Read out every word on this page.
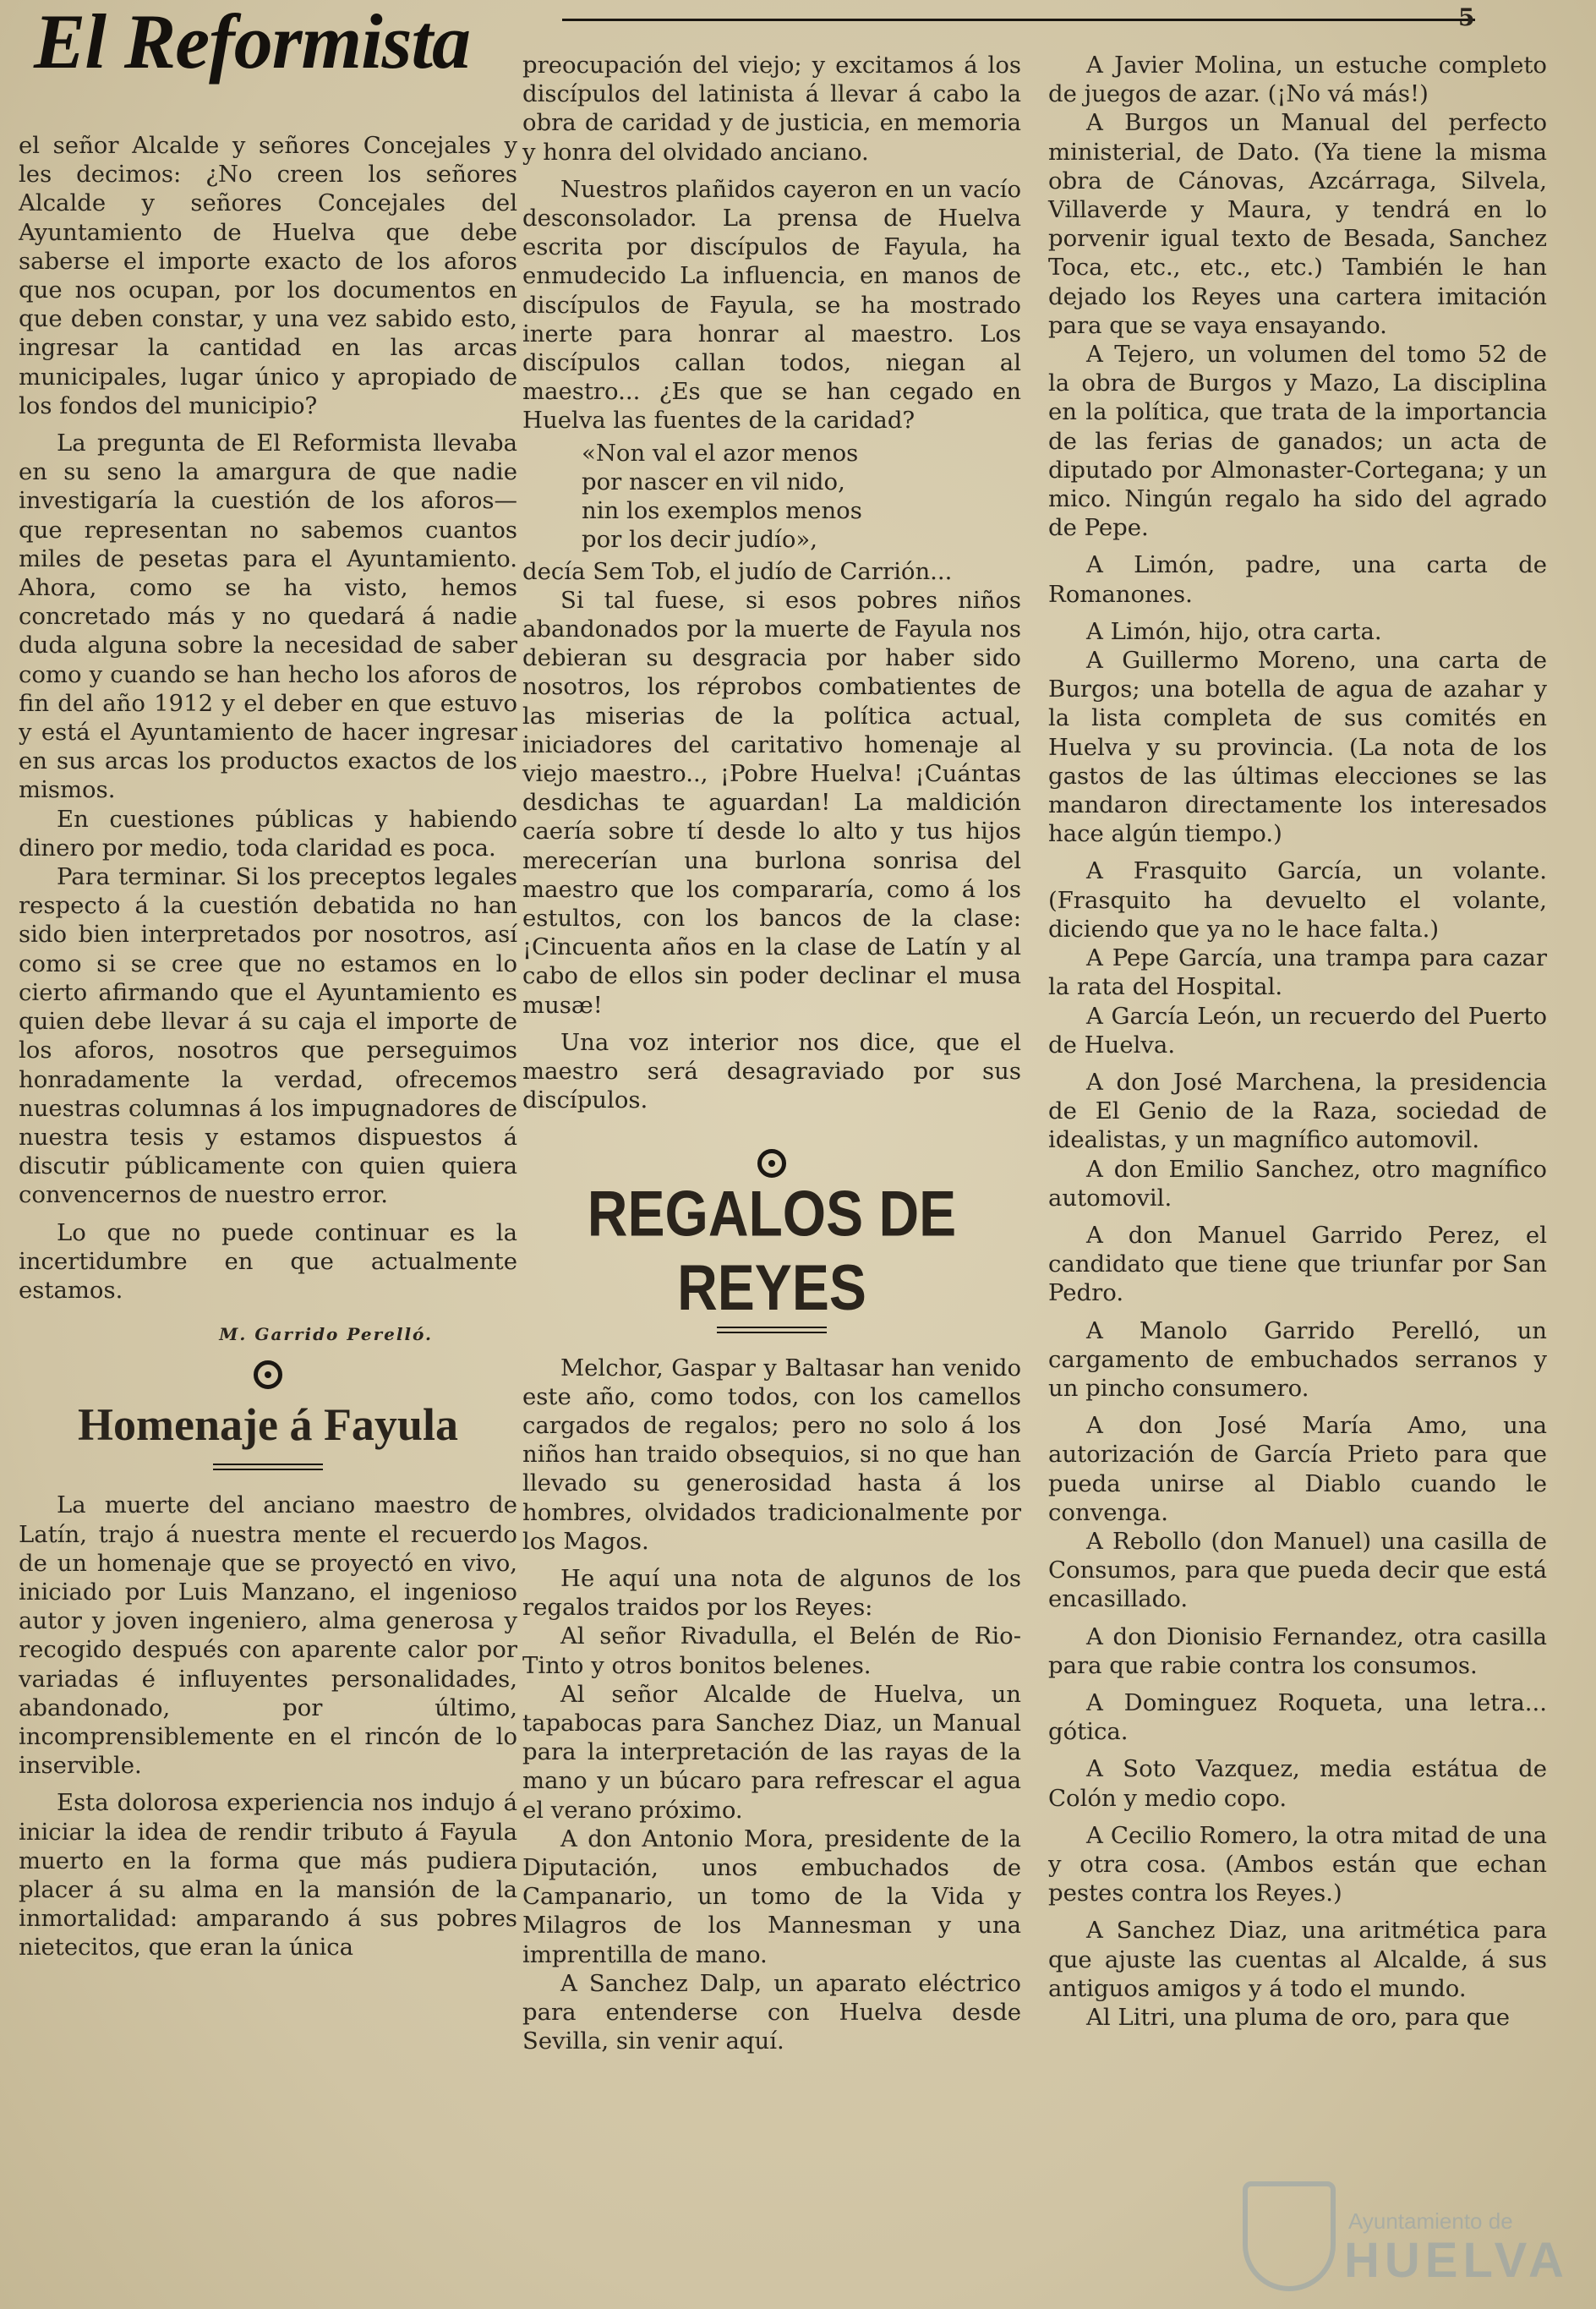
El Reformista	5

el señor Alcalde y señores Concejales y les decimos: ¿No creen los señores Alcalde y señores Concejales del Ayuntamiento de Huelva que debe saberse el importe exacto de los aforos que nos ocupan, por los documentos en que deben constar, y una vez sabido esto, ingresar la cantidad en las arcas municipales, lugar único y apropiado de los fondos del municipio?

La pregunta de El Reformista llevaba en su seno la amargura de que nadie investigaría la cuestión de los aforos—que representan no sabemos cuantos miles de pesetas para el Ayuntamiento. Ahora, como se ha visto, hemos concretado más y no quedará á nadie duda alguna sobre la necesidad de saber como y cuando se han hecho los aforos de fin del año 1912 y el deber en que estuvo y está el Ayuntamiento de hacer ingresar en sus arcas los productos exactos de los mismos.

En cuestiones públicas y habiendo dinero por medio, toda claridad es poca.

Para terminar. Si los preceptos legales respecto á la cuestión debatida no han sido bien interpretados por nosotros, así como si se cree que no estamos en lo cierto afirmando que el Ayuntamiento es quien debe llevar á su caja el importe de los aforos, nosotros que perseguimos honradamente la verdad, ofrecemos nuestras columnas á los impugnadores de nuestra tesis y estamos dispuestos á discutir públicamente con quien quiera convencernos de nuestro error.

Lo que no puede continuar es la incertidumbre en que actualmente estamos.

M. Garrido Perelló.
Homenaje á Fayula

La muerte del anciano maestro de Latín, trajo á nuestra mente el recuerdo de un homenaje que se proyectó en vivo, iniciado por Luis Manzano, el ingenioso autor y joven ingeniero, alma generosa y recogido después con aparente calor por variadas é influyentes personalidades, abandonado, por último, incomprensiblemente en el rincón de lo inservible.

Esta dolorosa experiencia nos indujo á iniciar la idea de rendir tributo á Fayula muerto en la forma que más pudiera placer á su alma en la mansión de la inmortalidad: amparando á sus pobres nietecitos, que eran la única

preocupación del viejo; y excitamos á los discípulos del latinista á llevar á cabo la obra de caridad y de justicia, en memoria y honra del olvidado anciano.

Nuestros plañidos cayeron en un vacío desconsolador. La prensa de Huelva escrita por discípulos de Fayula, ha enmudecido La influencia, en manos de discípulos de Fayula, se ha mostrado inerte para honrar al maestro. Los discípulos callan todos, niegan al maestro... ¿Es que se han cegado en Huelva las fuentes de la caridad?

«Non val el azor menos
por nascer en vil nido,
nin los exemplos menos
por los decir judío»,

decía Sem Tob, el judío de Carrión...

Si tal fuese, si esos pobres niños abandonados por la muerte de Fayula nos debieran su desgracia por haber sido nosotros, los réprobos combatientes de las miserias de la política actual, iniciadores del caritativo homenaje al viejo maestro.., ¡Pobre Huelva! ¡Cuántas desdichas te aguardan! La maldición caería sobre tí desde lo alto y tus hijos merecerían una burlona sonrisa del maestro que los compararía, como á los estultos, con los bancos de la clase: ¡Cincuenta años en la clase de Latín y al cabo de ellos sin poder declinar el musa musæ!

Una voz interior nos dice, que el maestro será desagraviado por sus discípulos.

REGALOS DE REYES

Melchor, Gaspar y Baltasar han venido este año, como todos, con los camellos cargados de regalos; pero no solo á los niños han traido obsequios, si no que han llevado su generosidad hasta á los hombres, olvidados tradicionalmente por los Magos.

He aquí una nota de algunos de los regalos traidos por los Reyes:

Al señor Rivadulla, el Belén de Rio-Tinto y otros bonitos belenes.

Al señor Alcalde de Huelva, un tapabocas para Sanchez Diaz, un Manual para la interpretación de las rayas de la mano y un búcaro para refrescar el agua el verano próximo.

A don Antonio Mora, presidente de la Diputación, unos embuchados de Campanario, un tomo de la Vida y Milagros de los Mannesman y una imprentilla de mano.

A Sanchez Dalp, un aparato eléctrico para entenderse con Huelva desde Sevilla, sin venir aquí.

A Javier Molina, un estuche completo de juegos de azar. (¡No vá más!)

A Burgos un Manual del perfecto ministerial, de Dato. (Ya tiene la misma obra de Cánovas, Azcárraga, Silvela, Villaverde y Maura, y tendrá en lo porvenir igual texto de Besada, Sanchez Toca, etc., etc., etc.) También le han dejado los Reyes una cartera imitación para que se vaya ensayando.

A Tejero, un volumen del tomo 52 de la obra de Burgos y Mazo, La disciplina en la política, que trata de la importancia de las ferias de ganados; un acta de diputado por Almonaster-Cortegana; y un mico. Ningún regalo ha sido del agrado de Pepe.

A Limón, padre, una carta de Romanones.

A Limón, hijo, otra carta.

A Guillermo Moreno, una carta de Burgos; una botella de agua de azahar y la lista completa de sus comités en Huelva y su provincia. (La nota de los gastos de las últimas elecciones se las mandaron directamente los interesados hace algún tiempo.)

A Frasquito García, un volante. (Frasquito ha devuelto el volante, diciendo que ya no le hace falta.)

A Pepe García, una trampa para cazar la rata del Hospital.

A García León, un recuerdo del Puerto de Huelva.

A don José Marchena, la presidencia de El Genio de la Raza, sociedad de idealistas, y un magnífico automovil.

A don Emilio Sanchez, otro magnífico automovil.

A don Manuel Garrido Perez, el candidato que tiene que triunfar por San Pedro.

A Manolo Garrido Perelló, un cargamento de embuchados serranos y un pincho consumero.

A don José María Amo, una autorización de García Prieto para que pueda unirse al Diablo cuando le convenga.

A Rebollo (don Manuel) una casilla de Consumos, para que pueda decir que está encasillado.

A don Dionisio Fernandez, otra casilla para que rabie contra los consumos.

A Dominguez Roqueta, una letra... gótica.

A Soto Vazquez, media estátua de Colón y medio copo.

A Cecilio Romero, la otra mitad de una y otra cosa. (Ambos están que echan pestes contra los Reyes.)

A Sanchez Diaz, una aritmética para que ajuste las cuentas al Alcalde, á sus antiguos amigos y á todo el mundo.

Al Litri, una pluma de oro, para que

Ayuntamiento de
HUELVA
